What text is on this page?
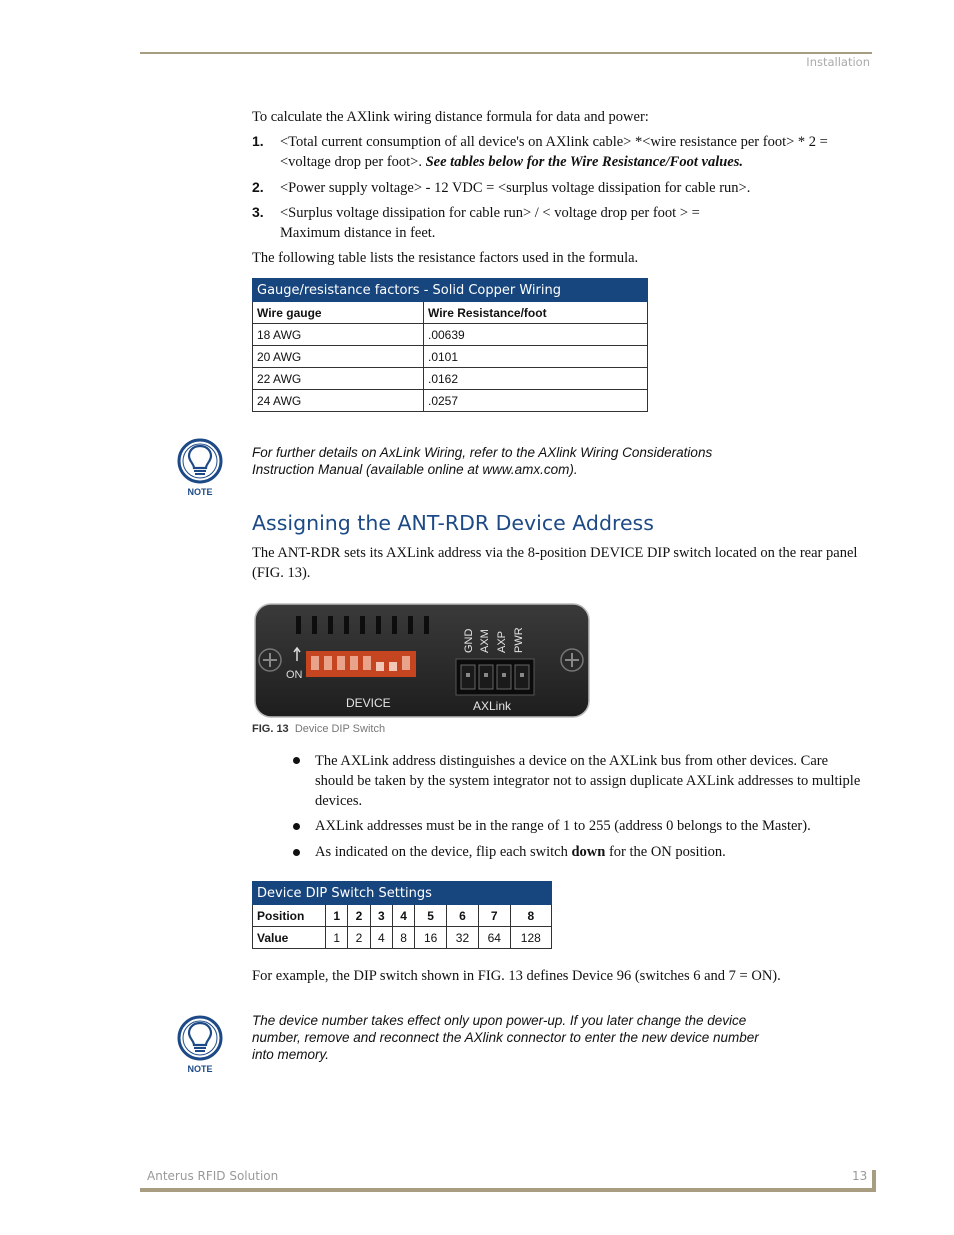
Installation
To calculate the AXlink wiring distance formula for data and power:
1. <Total current consumption of all device's on AXlink cable> *<wire resistance per foot> * 2 = <voltage drop per foot>. See tables below for the Wire Resistance/Foot values.
2. <Power supply voltage> - 12 VDC = <surplus voltage dissipation for cable run>.
3. <Surplus voltage dissipation for cable run> / < voltage drop per foot > = Maximum distance in feet.
The following table lists the resistance factors used in the formula.
Gauge/resistance factors - Solid Copper Wiring	
Wire gauge	Wire Resistance/foot
18 AWG	.00639
20 AWG	.0101
22 AWG	.0162
24 AWG	.0257
NOTE
For further details on AxLink Wiring, refer to the AXlink Wiring Considerations
Instruction Manual (available online at www.amx.com).
Assigning the ANT-RDR Device Address
The ANT-RDR sets its AXLink address via the 8-position DEVICE DIP switch located on the rear panel (FIG. 13).
ON
DEVICE
GND AXM AXP PWR
AXLink
FIG. 13 Device DIP Switch
The AXLink address distinguishes a device on the AXLink bus from other devices. Care should be taken by the system integrator not to assign duplicate AXLink addresses to multiple devices.
AXLink addresses must be in the range of 1 to 255 (address 0 belongs to the Master).
As indicated on the device, flip each switch down for the ON position.
Device DIP Switch Settings								
Position	1	2	3	4	5	6	7	8
Value	1	2	4	8	16	32	64	128
For example, the DIP switch shown in FIG. 13 defines Device 96 (switches 6 and 7 = ON).
NOTE
The device number takes effect only upon power-up. If you later change the device
number, remove and reconnect the AXlink connector to enter the new device number
into memory.
Anterus RFID Solution	13
